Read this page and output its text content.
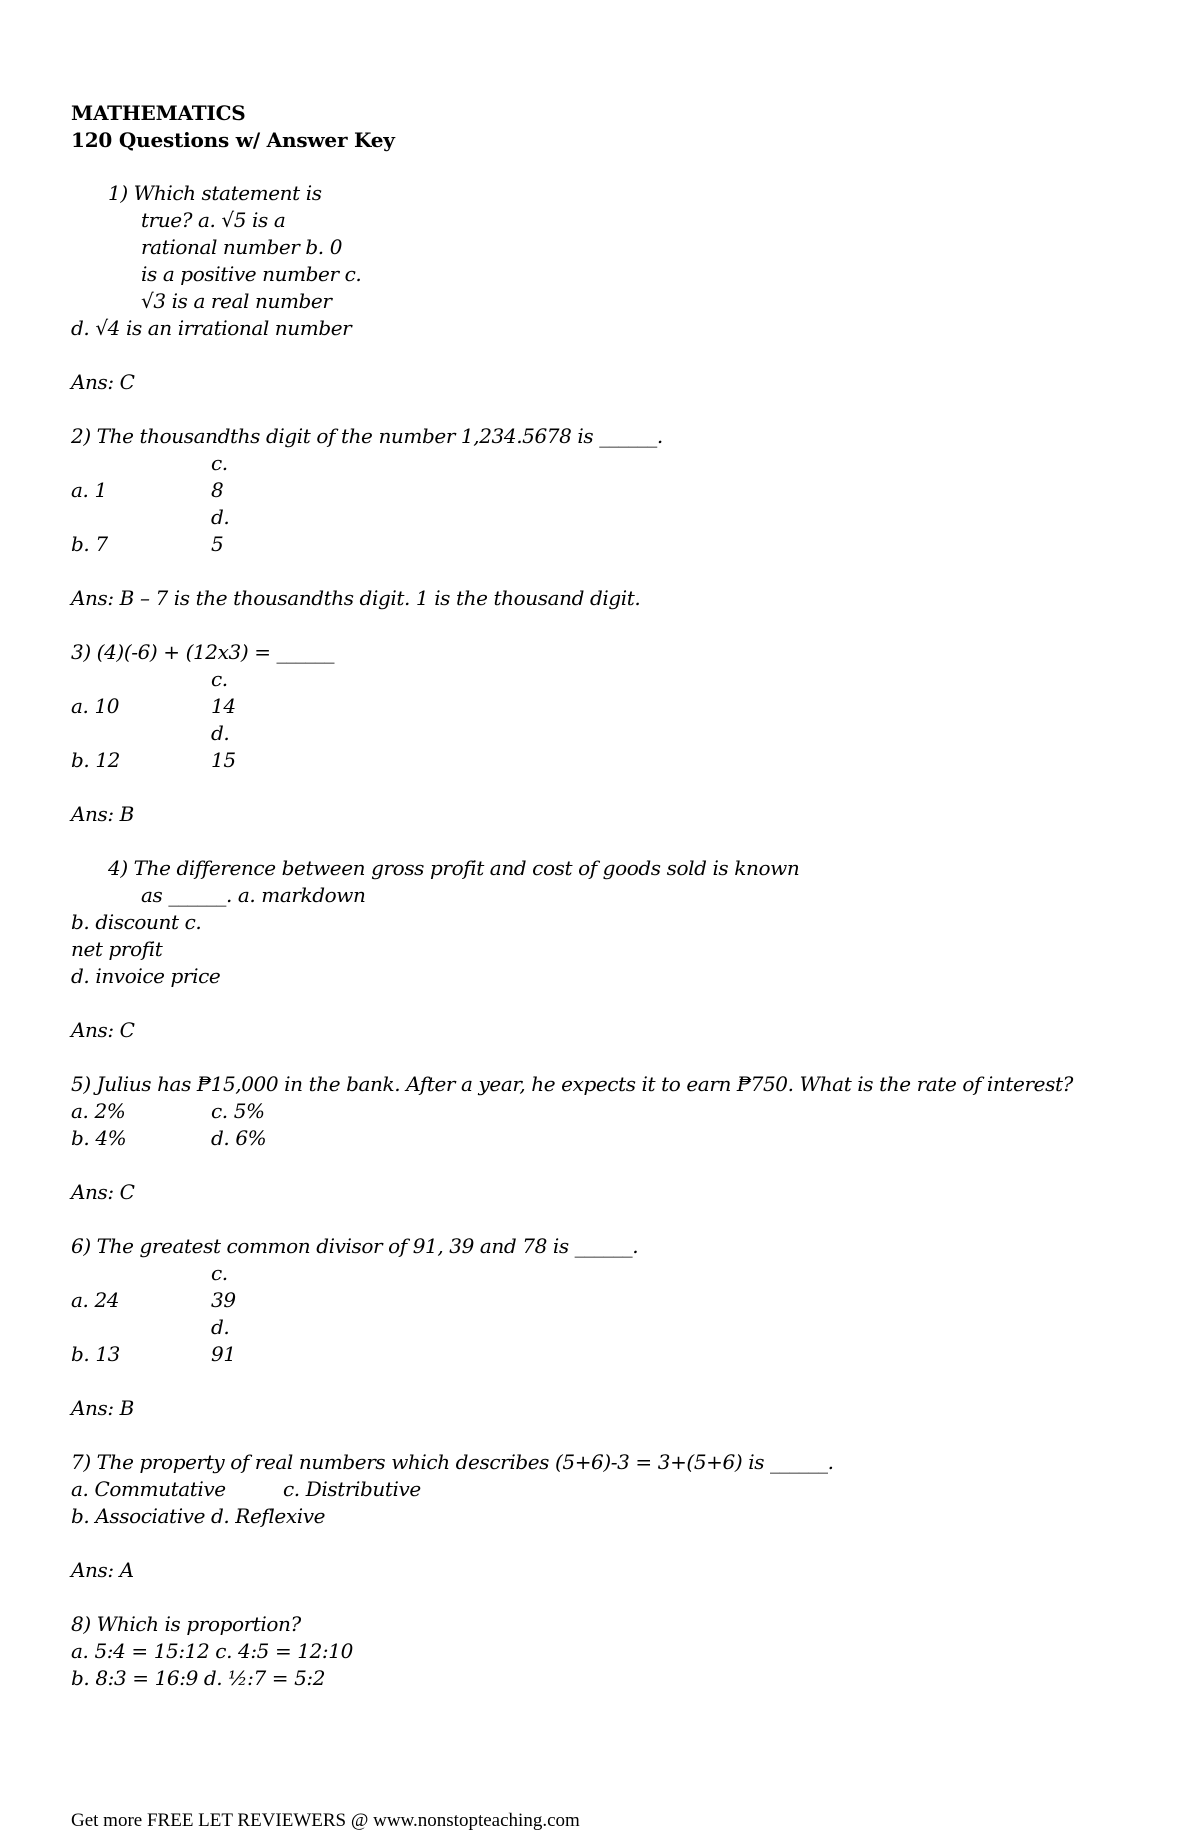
MATHEMATICS

120 Questions w/ Answer Key

1) Which statement is

true? a. √5 is a

rational number b. 0

is a positive number c.

√3 is a real number

d. √4 is an irrational number

Ans: C

2) The thousandths digit of the number 1,234.5678 is ______.

c.

a. 1	8

d.

b. 7	5

Ans: B – 7 is the thousandths digit. 1 is the thousand digit.

3) (4)(-6) + (12x3) = ______

c.

a. 10	14

d.

b. 12	15

Ans: B

4) The difference between gross profit and cost of goods sold is known

as ______. a. markdown

b. discount c.

net profit

d. invoice price

Ans: C

5) Julius has ₱15,000 in the bank. After a year, he expects it to earn ₱750. What is the rate of interest?

a. 2%	c. 5%

b. 4%	d. 6%

Ans: C

6) The greatest common divisor of 91, 39 and 78 is ______.

c.

a. 24	39

d.

b. 13	91

Ans: B

7) The property of real numbers which describes (5+6)-3 = 3+(5+6) is ______.

a. Commutative	c. Distributive

b. Associative d. Reflexive

Ans: A

8) Which is proportion?

a. 5:4 = 15:12 c. 4:5 = 12:10

b. 8:3 = 16:9 d. ½:7 = 5:2

Get more FREE LET REVIEWERS @ www.nonstopteaching.com
